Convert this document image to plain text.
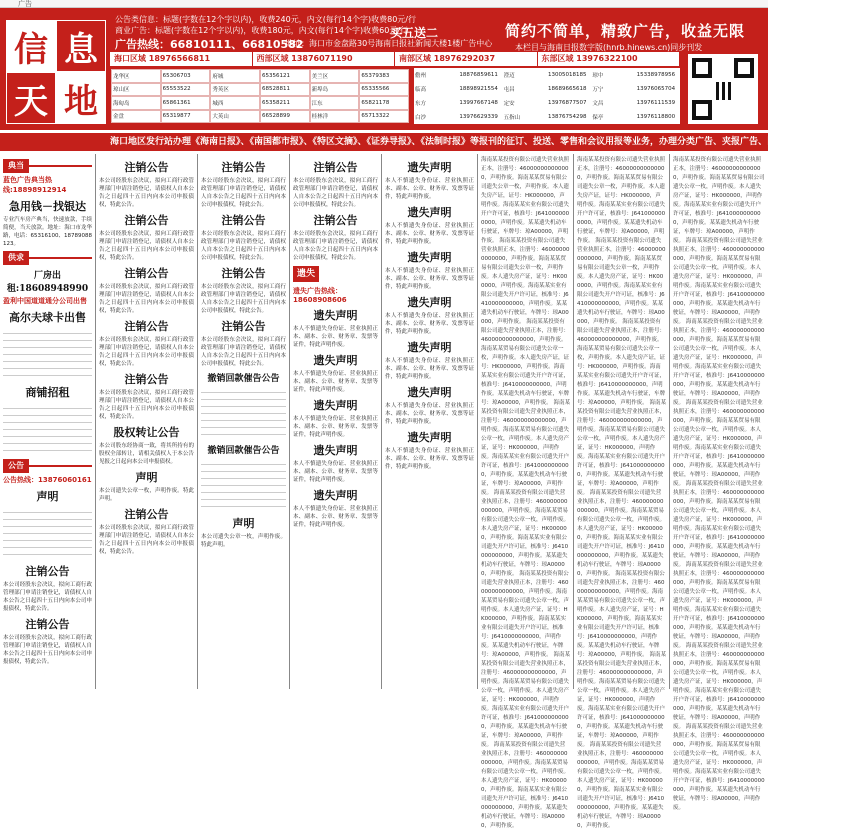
广告
信 息
天 地
公告类信息：标题(字数在12个字以内)，收费240元，内文(每行14个字)收费80元/行
商业广告：标题(字数在12个字以内)，收费180元，内文(每行14个字)收费60元/行
广告热线：66810111、66810582
地址：海口市金盘路30号海南日报社新闻大楼1楼广告中心
买五送二	简约不简单，精致广告，收益无限
本栏目与海南日报数字版(hnrb.hinews.cn)同步刊发
海口区域 18976566811	西部区域 13876071190	南部区域 18976292037	东部区域 13976322100
龙华区	65306703	府城	65356121	美兰区	65379383
琼山区	65553522	秀英区	68528811	新埠岛	65335566
海甸岛	65861361	城西	65358211	江东	65821178
金盘	65319877	大英山	66528899	桂林洋	65713322
儋州	18876859611	澄迈	13005018185	琼中	15338978956
临高	18898921554	屯昌	18689665618	万宁	13976065704
东方	13997667148	定安	13976877507	文昌	13976111539
白沙	13976629339	五指山	13876754298	保亭	13976118800
海口地区发行站办理《海南日报》、《南国都市报》、《特区文摘》、《证券导报》、《法制时报》等报刊的征订、投送、零售和会议用报等业务，办理分类广告、夹报广告、旧报回收及其它业务。
典当
蓝色广告典当热线:18898912914
急用钱－找银达
专业汽车房产典当，快速放款，手续简便，当天放款。地址：海口市龙华路，电话：65316100、18789088123。
供求
厂房出租:18608948990
盈利中国道道通分公司出售
高尔夫球卡出售
商铺招租
公告
公告热线：13876060161
声明
注销公告
本公司经股东会决议，拟向工商行政管理部门申请注销登记，请债权人自本公告之日起四十五日内向本公司申报债权，特此公告。
注销公告
本公司经股东会决议，拟向工商行政管理部门申请注销登记，请债权人自本公告之日起四十五日内向本公司申报债权，特此公告。
注销公告
本公司经股东会决议，拟向工商行政管理部门申请注销登记，请债权人自本公告之日起四十五日内向本公司申报债权，特此公告。
注销公告
本公司经股东会决议，拟向工商行政管理部门申请注销登记，请债权人自本公告之日起四十五日内向本公司申报债权，特此公告。
注销公告
本公司经股东会决议，拟向工商行政管理部门申请注销登记，请债权人自本公告之日起四十五日内向本公司申报债权，特此公告。
注销公告
本公司经股东会决议，拟向工商行政管理部门申请注销登记，请债权人自本公告之日起四十五日内向本公司申报债权，特此公告。
注销公告
本公司经股东会决议，拟向工商行政管理部门申请注销登记，请债权人自本公告之日起四十五日内向本公司申报债权，特此公告。
股权转让公告
本公司股东经协商一致，将其所持有的股权全部转让，请相关债权人于本公告见报之日起向本公司申报债权。
声明
本公司遗失公章一枚，声明作废。特此声明。
注销公告
本公司经股东会决议，拟向工商行政管理部门申请注销登记，请债权人自本公告之日起四十五日内向本公司申报债权，特此公告。
注销公告
本公司经股东会决议，拟向工商行政管理部门申请注销登记，请债权人自本公告之日起四十五日内向本公司申报债权，特此公告。
注销公告
本公司经股东会决议，拟向工商行政管理部门申请注销登记，请债权人自本公告之日起四十五日内向本公司申报债权，特此公告。
注销公告
本公司经股东会决议，拟向工商行政管理部门申请注销登记，请债权人自本公告之日起四十五日内向本公司申报债权，特此公告。
注销公告
本公司经股东会决议，拟向工商行政管理部门申请注销登记，请债权人自本公告之日起四十五日内向本公司申报债权，特此公告。
撤销回款催告公告
撤销回款催告公告
声明
本公司遗失公章一枚，声明作废。特此声明。
注销公告
本公司经股东会决议，拟向工商行政管理部门申请注销登记，请债权人自本公告之日起四十五日内向本公司申报债权，特此公告。
注销公告
本公司经股东会决议，拟向工商行政管理部门申请注销登记，请债权人自本公告之日起四十五日内向本公司申报债权，特此公告。
遗失
遗失广告热线：18608908606
遗失声明
本人不慎遗失身份证、营业执照正本、副本、公章、财务章、发票等证件，特此声明作废。
遗失声明
本人不慎遗失身份证、营业执照正本、副本、公章、财务章、发票等证件，特此声明作废。
遗失声明
本人不慎遗失身份证、营业执照正本、副本、公章、财务章、发票等证件，特此声明作废。
遗失声明
本人不慎遗失身份证、营业执照正本、副本、公章、财务章、发票等证件，特此声明作废。
遗失声明
本人不慎遗失身份证、营业执照正本、副本、公章、财务章、发票等证件，特此声明作废。
遗失声明
本人不慎遗失身份证、营业执照正本、副本、公章、财务章、发票等证件，特此声明作废。
遗失声明
本人不慎遗失身份证、营业执照正本、副本、公章、财务章、发票等证件，特此声明作废。
遗失声明
本人不慎遗失身份证、营业执照正本、副本、公章、财务章、发票等证件，特此声明作废。
遗失声明
本人不慎遗失身份证、营业执照正本、副本、公章、财务章、发票等证件，特此声明作废。
遗失声明
本人不慎遗失身份证、营业执照正本、副本、公章、财务章、发票等证件，特此声明作废。
遗失声明
本人不慎遗失身份证、营业执照正本、副本、公章、财务章、发票等证件，特此声明作废。
遗失声明
本人不慎遗失身份证、营业执照正本、副本、公章、财务章、发票等证件，特此声明作废。
海南某某投资有限公司遗失营业执照正本，注册号：460000000000000，声明作废。海南某某贸易有限公司遗失公章一枚，声明作废。本人遗失房产证，证号：HK000000，声明作废。海南某某实业有限公司遗失开户许可证，核准号：J6410000000000，声明作废。某某遗失机动车行驶证，车牌号：琼A00000，声明作废。 海南某某投资有限公司遗失营业执照正本，注册号：460000000000000，声明作废。海南某某贸易有限公司遗失公章一枚，声明作废。本人遗失房产证，证号：HK000000，声明作废。海南某某实业有限公司遗失开户许可证，核准号：J6410000000000，声明作废。某某遗失机动车行驶证，车牌号：琼A00000，声明作废。 海南某某投资有限公司遗失营业执照正本，注册号：460000000000000，声明作废。海南某某贸易有限公司遗失公章一枚，声明作废。本人遗失房产证，证号：HK000000，声明作废。海南某某实业有限公司遗失开户许可证，核准号：J6410000000000，声明作废。某某遗失机动车行驶证，车牌号：琼A00000，声明作废。 海南某某投资有限公司遗失营业执照正本，注册号：460000000000000，声明作废。海南某某贸易有限公司遗失公章一枚，声明作废。本人遗失房产证，证号：HK000000，声明作废。海南某某实业有限公司遗失开户许可证，核准号：J6410000000000，声明作废。某某遗失机动车行驶证，车牌号：琼A00000，声明作废。 海南某某投资有限公司遗失营业执照正本，注册号：460000000000000，声明作废。海南某某贸易有限公司遗失公章一枚，声明作废。本人遗失房产证，证号：HK000000，声明作废。海南某某实业有限公司遗失开户许可证，核准号：J6410000000000，声明作废。某某遗失机动车行驶证，车牌号：琼A00000，声明作废。 海南某某投资有限公司遗失营业执照正本，注册号：460000000000000，声明作废。海南某某贸易有限公司遗失公章一枚，声明作废。本人遗失房产证，证号：HK000000，声明作废。海南某某实业有限公司遗失开户许可证，核准号：J6410000000000，声明作废。某某遗失机动车行驶证，车牌号：琼A00000，声明作废。 海南某某投资有限公司遗失营业执照正本，注册号：460000000000000，声明作废。海南某某贸易有限公司遗失公章一枚，声明作废。本人遗失房产证，证号：HK000000，声明作废。海南某某实业有限公司遗失开户许可证，核准号：J6410000000000，声明作废。某某遗失机动车行驶证，车牌号：琼A00000，声明作废。 海南某某投资有限公司遗失营业执照正本，注册号：460000000000000，声明作废。海南某某贸易有限公司遗失公章一枚，声明作废。本人遗失房产证，证号：HK000000，声明作废。海南某某实业有限公司遗失开户许可证，核准号：J6410000000000，声明作废。某某遗失机动车行驶证，车牌号：琼A00000，声明作废。
海南某某投资有限公司遗失营业执照正本，注册号：460000000000000，声明作废。海南某某贸易有限公司遗失公章一枚，声明作废。本人遗失房产证，证号：HK000000，声明作废。海南某某实业有限公司遗失开户许可证，核准号：J6410000000000，声明作废。某某遗失机动车行驶证，车牌号：琼A00000，声明作废。 海南某某投资有限公司遗失营业执照正本，注册号：460000000000000，声明作废。海南某某贸易有限公司遗失公章一枚，声明作废。本人遗失房产证，证号：HK000000，声明作废。海南某某实业有限公司遗失开户许可证，核准号：J6410000000000，声明作废。某某遗失机动车行驶证，车牌号：琼A00000，声明作废。 海南某某投资有限公司遗失营业执照正本，注册号：460000000000000，声明作废。海南某某贸易有限公司遗失公章一枚，声明作废。本人遗失房产证，证号：HK000000，声明作废。海南某某实业有限公司遗失开户许可证，核准号：J6410000000000，声明作废。某某遗失机动车行驶证，车牌号：琼A00000，声明作废。 海南某某投资有限公司遗失营业执照正本，注册号：460000000000000，声明作废。海南某某贸易有限公司遗失公章一枚，声明作废。本人遗失房产证，证号：HK000000，声明作废。海南某某实业有限公司遗失开户许可证，核准号：J6410000000000，声明作废。某某遗失机动车行驶证，车牌号：琼A00000，声明作废。 海南某某投资有限公司遗失营业执照正本，注册号：460000000000000，声明作废。海南某某贸易有限公司遗失公章一枚，声明作废。本人遗失房产证，证号：HK000000，声明作废。海南某某实业有限公司遗失开户许可证，核准号：J6410000000000，声明作废。某某遗失机动车行驶证，车牌号：琼A00000，声明作废。 海南某某投资有限公司遗失营业执照正本，注册号：460000000000000，声明作废。海南某某贸易有限公司遗失公章一枚，声明作废。本人遗失房产证，证号：HK000000，声明作废。海南某某实业有限公司遗失开户许可证，核准号：J6410000000000，声明作废。某某遗失机动车行驶证，车牌号：琼A00000，声明作废。 海南某某投资有限公司遗失营业执照正本，注册号：460000000000000，声明作废。海南某某贸易有限公司遗失公章一枚，声明作废。本人遗失房产证，证号：HK000000，声明作废。海南某某实业有限公司遗失开户许可证，核准号：J6410000000000，声明作废。某某遗失机动车行驶证，车牌号：琼A00000，声明作废。 海南某某投资有限公司遗失营业执照正本，注册号：460000000000000，声明作废。海南某某贸易有限公司遗失公章一枚，声明作废。本人遗失房产证，证号：HK000000，声明作废。海南某某实业有限公司遗失开户许可证，核准号：J6410000000000，声明作废。某某遗失机动车行驶证，车牌号：琼A00000，声明作废。
海南某某投资有限公司遗失营业执照正本，注册号：460000000000000，声明作废。海南某某贸易有限公司遗失公章一枚，声明作废。本人遗失房产证，证号：HK000000，声明作废。海南某某实业有限公司遗失开户许可证，核准号：J6410000000000，声明作废。某某遗失机动车行驶证，车牌号：琼A00000，声明作废。 海南某某投资有限公司遗失营业执照正本，注册号：460000000000000，声明作废。海南某某贸易有限公司遗失公章一枚，声明作废。本人遗失房产证，证号：HK000000，声明作废。海南某某实业有限公司遗失开户许可证，核准号：J6410000000000，声明作废。某某遗失机动车行驶证，车牌号：琼A00000，声明作废。 海南某某投资有限公司遗失营业执照正本，注册号：460000000000000，声明作废。海南某某贸易有限公司遗失公章一枚，声明作废。本人遗失房产证，证号：HK000000，声明作废。海南某某实业有限公司遗失开户许可证，核准号：J6410000000000，声明作废。某某遗失机动车行驶证，车牌号：琼A00000，声明作废。 海南某某投资有限公司遗失营业执照正本，注册号：460000000000000，声明作废。海南某某贸易有限公司遗失公章一枚，声明作废。本人遗失房产证，证号：HK000000，声明作废。海南某某实业有限公司遗失开户许可证，核准号：J6410000000000，声明作废。某某遗失机动车行驶证，车牌号：琼A00000，声明作废。 海南某某投资有限公司遗失营业执照正本，注册号：460000000000000，声明作废。海南某某贸易有限公司遗失公章一枚，声明作废。本人遗失房产证，证号：HK000000，声明作废。海南某某实业有限公司遗失开户许可证，核准号：J6410000000000，声明作废。某某遗失机动车行驶证，车牌号：琼A00000，声明作废。 海南某某投资有限公司遗失营业执照正本，注册号：460000000000000，声明作废。海南某某贸易有限公司遗失公章一枚，声明作废。本人遗失房产证，证号：HK000000，声明作废。海南某某实业有限公司遗失开户许可证，核准号：J6410000000000，声明作废。某某遗失机动车行驶证，车牌号：琼A00000，声明作废。 海南某某投资有限公司遗失营业执照正本，注册号：460000000000000，声明作废。海南某某贸易有限公司遗失公章一枚，声明作废。本人遗失房产证，证号：HK000000，声明作废。海南某某实业有限公司遗失开户许可证，核准号：J6410000000000，声明作废。某某遗失机动车行驶证，车牌号：琼A00000，声明作废。 海南某某投资有限公司遗失营业执照正本，注册号：460000000000000，声明作废。海南某某贸易有限公司遗失公章一枚，声明作废。本人遗失房产证，证号：HK000000，声明作废。海南某某实业有限公司遗失开户许可证，核准号：J6410000000000，声明作废。某某遗失机动车行驶证，车牌号：琼A00000，声明作废。
